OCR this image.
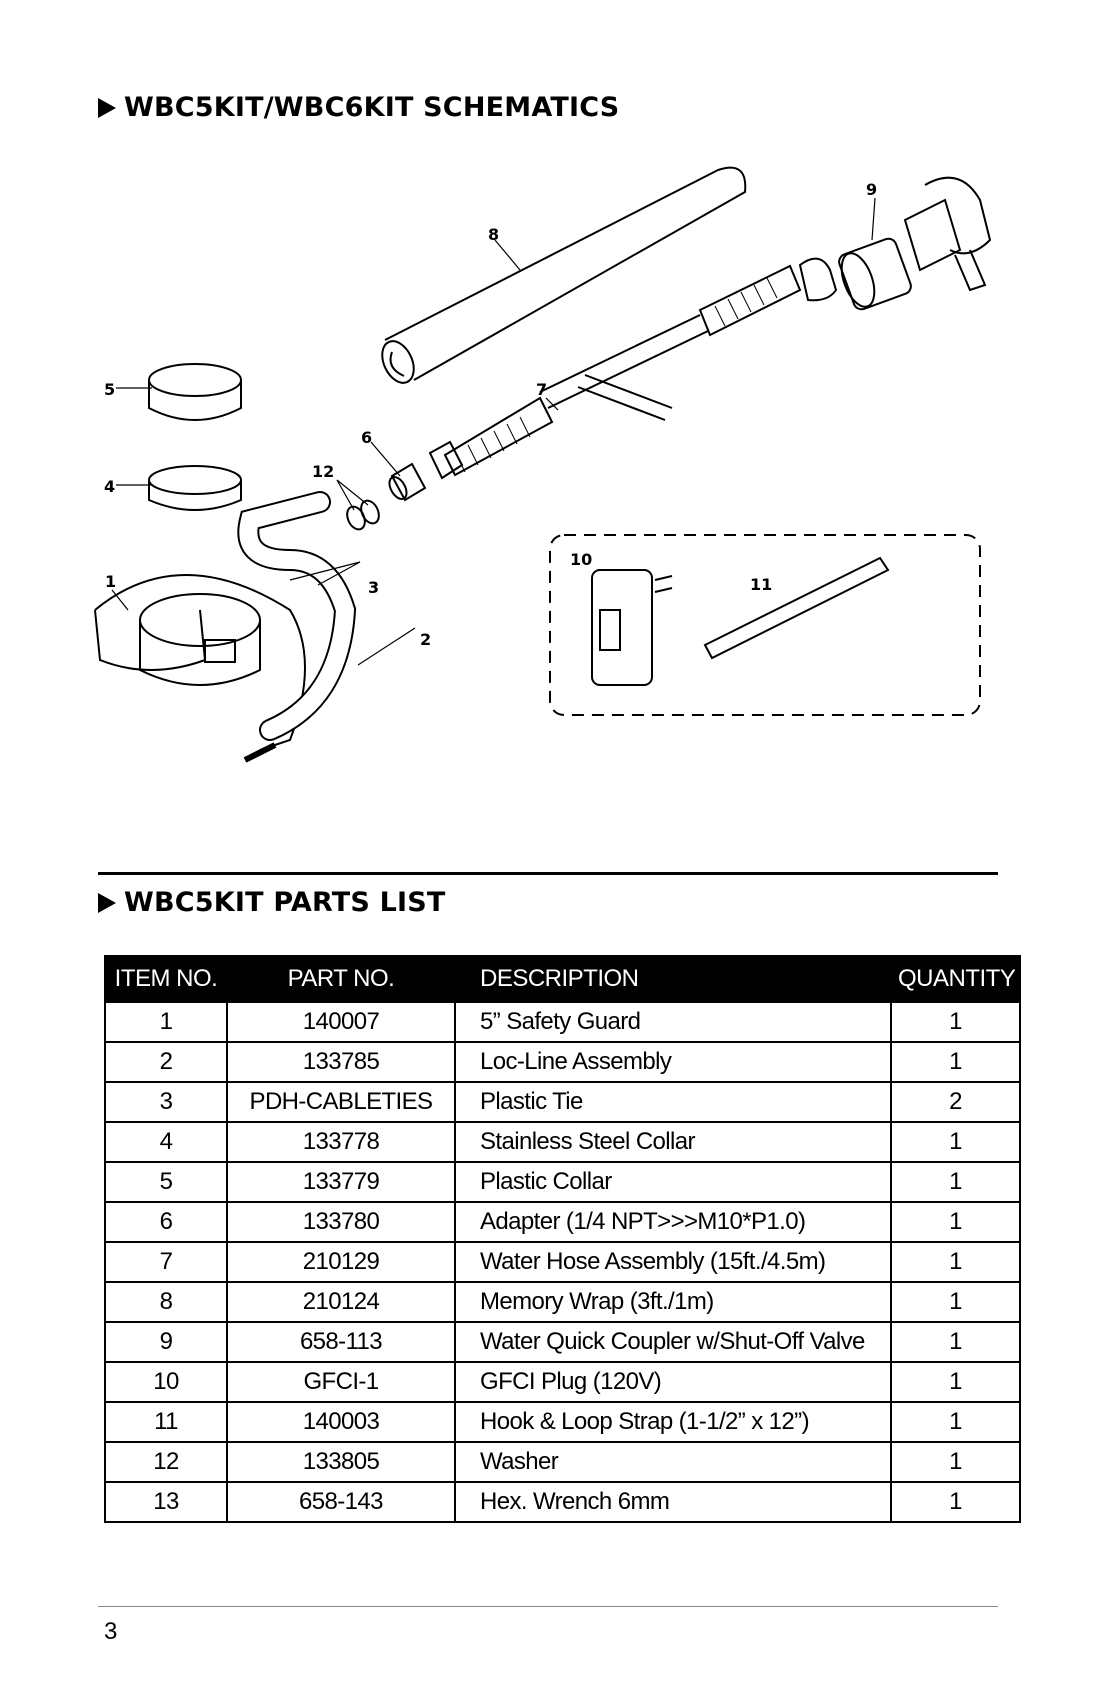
WBC5KIT/WBC6KIT SCHEMATICS
5
4
1	3
2
12
6
7
8
9
10
11
WBC5KIT PARTS LIST
ITEM NO.	PART NO.	DESCRIPTION	QUANTITY
1	140007	5” Safety Guard	1
2	133785	Loc-Line Assembly	1
3	PDH-CABLETIES	Plastic Tie	2
4	133778	Stainless Steel Collar	1
5	133779	Plastic Collar	1
6	133780	Adapter (1/4 NPT>>>M10*P1.0)	1
7	210129	Water Hose Assembly (15ft./4.5m)	1
8	210124	Memory Wrap (3ft./1m)	1
9	658-113	Water Quick Coupler w/Shut-Off Valve	1
10	GFCI-1	GFCI Plug (120V)	1
11	140003	Hook & Loop Strap (1-1/2” x 12”)	1
12	133805	Washer	1
13	658-143	Hex. Wrench 6mm	1
3
